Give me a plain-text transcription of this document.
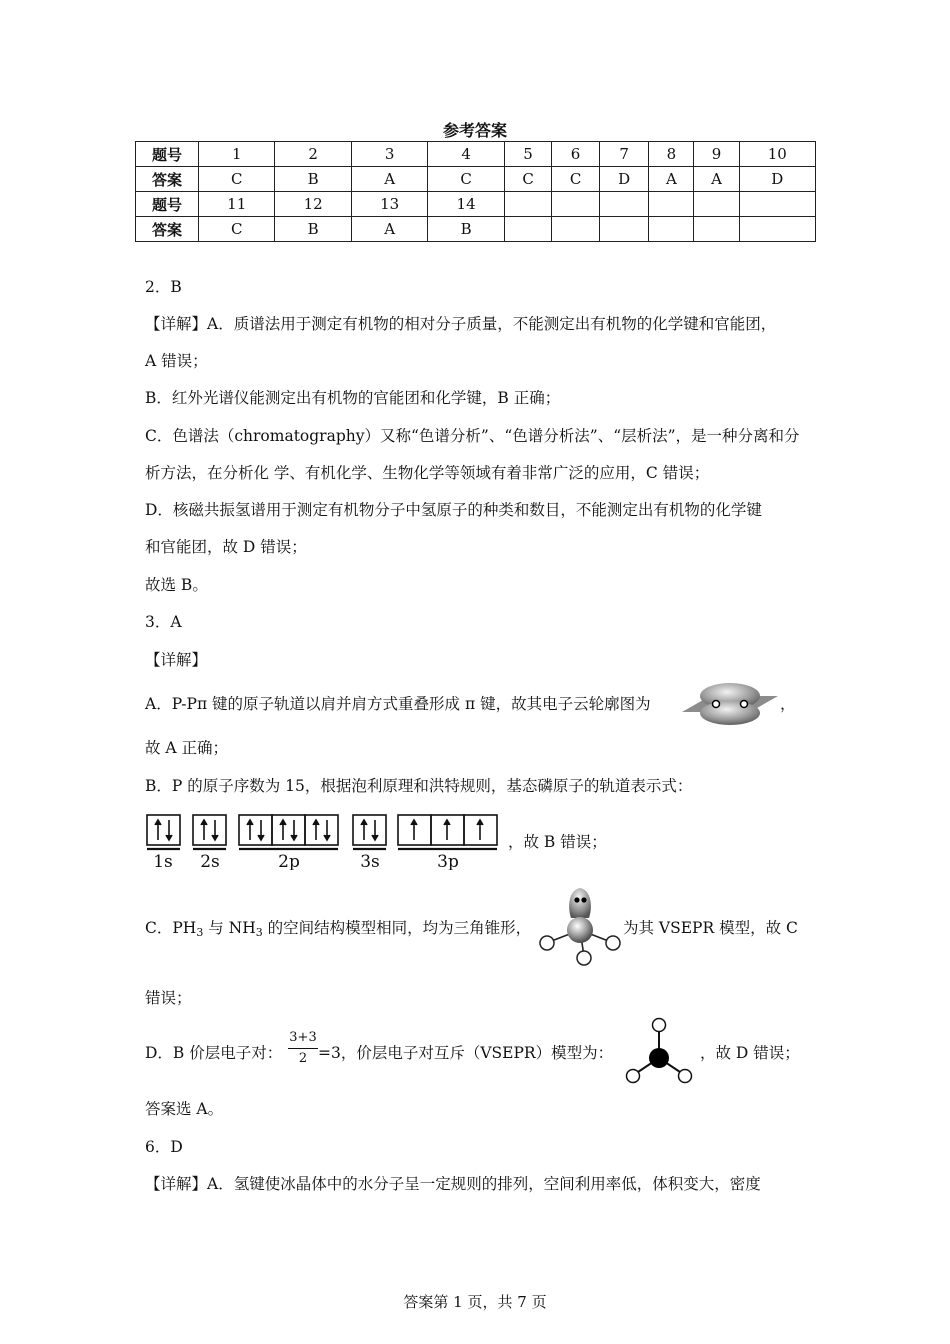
参考答案
题号	1	2	3	4	5	6	7	8	9	10
答案	C	B	A	C	C	C	D	A	A	D
题号	11	12	13	14						
答案	C	B	A	B						
2．B
【详解】A．质谱法用于测定有机物的相对分子质量，不能测定出有机物的化学键和官能团，
A 错误；
B．红外光谱仪能测定出有机物的官能团和化学键，B 正确；
C．色谱法（chromatography）又称“色谱分析”、“色谱分析法”、“层析法”，是一种分离和分
析方法，在分析化 学、有机化学、生物化学等领域有着非常广泛的应用，C 错误；
D．核磁共振氢谱用于测定有机物分子中氢原子的种类和数目，不能测定出有机物的化学键
和官能团，故 D 错误；
故选 B。
3．A
【详解】
A．P-Pπ 键的原子轨道以肩并肩方式重叠形成 π 键，故其电子云轮廓图为	，
故 A 正确；
B．P 的原子序数为 15，根据泡利原理和洪特规则，基态磷原子的轨道表示式：
1s 2s	2p	3s	3p
，故 B 错误；
C．$PH_3$ 与 $NH_3$ 的空间结构模型相同，均为三角锥形，	为其 VSEPR 模型，故 C
错误；
D．B 价层电子对：
3+3
2 =3，价层电子对互斥（VSEPR）模型为：	，故 D 错误；
答案选 A。
6．D
【详解】A．氢键使冰晶体中的水分子呈一定规则的排列，空间利用率低，体积变大，密度
答案第 1 页，共 7 页
